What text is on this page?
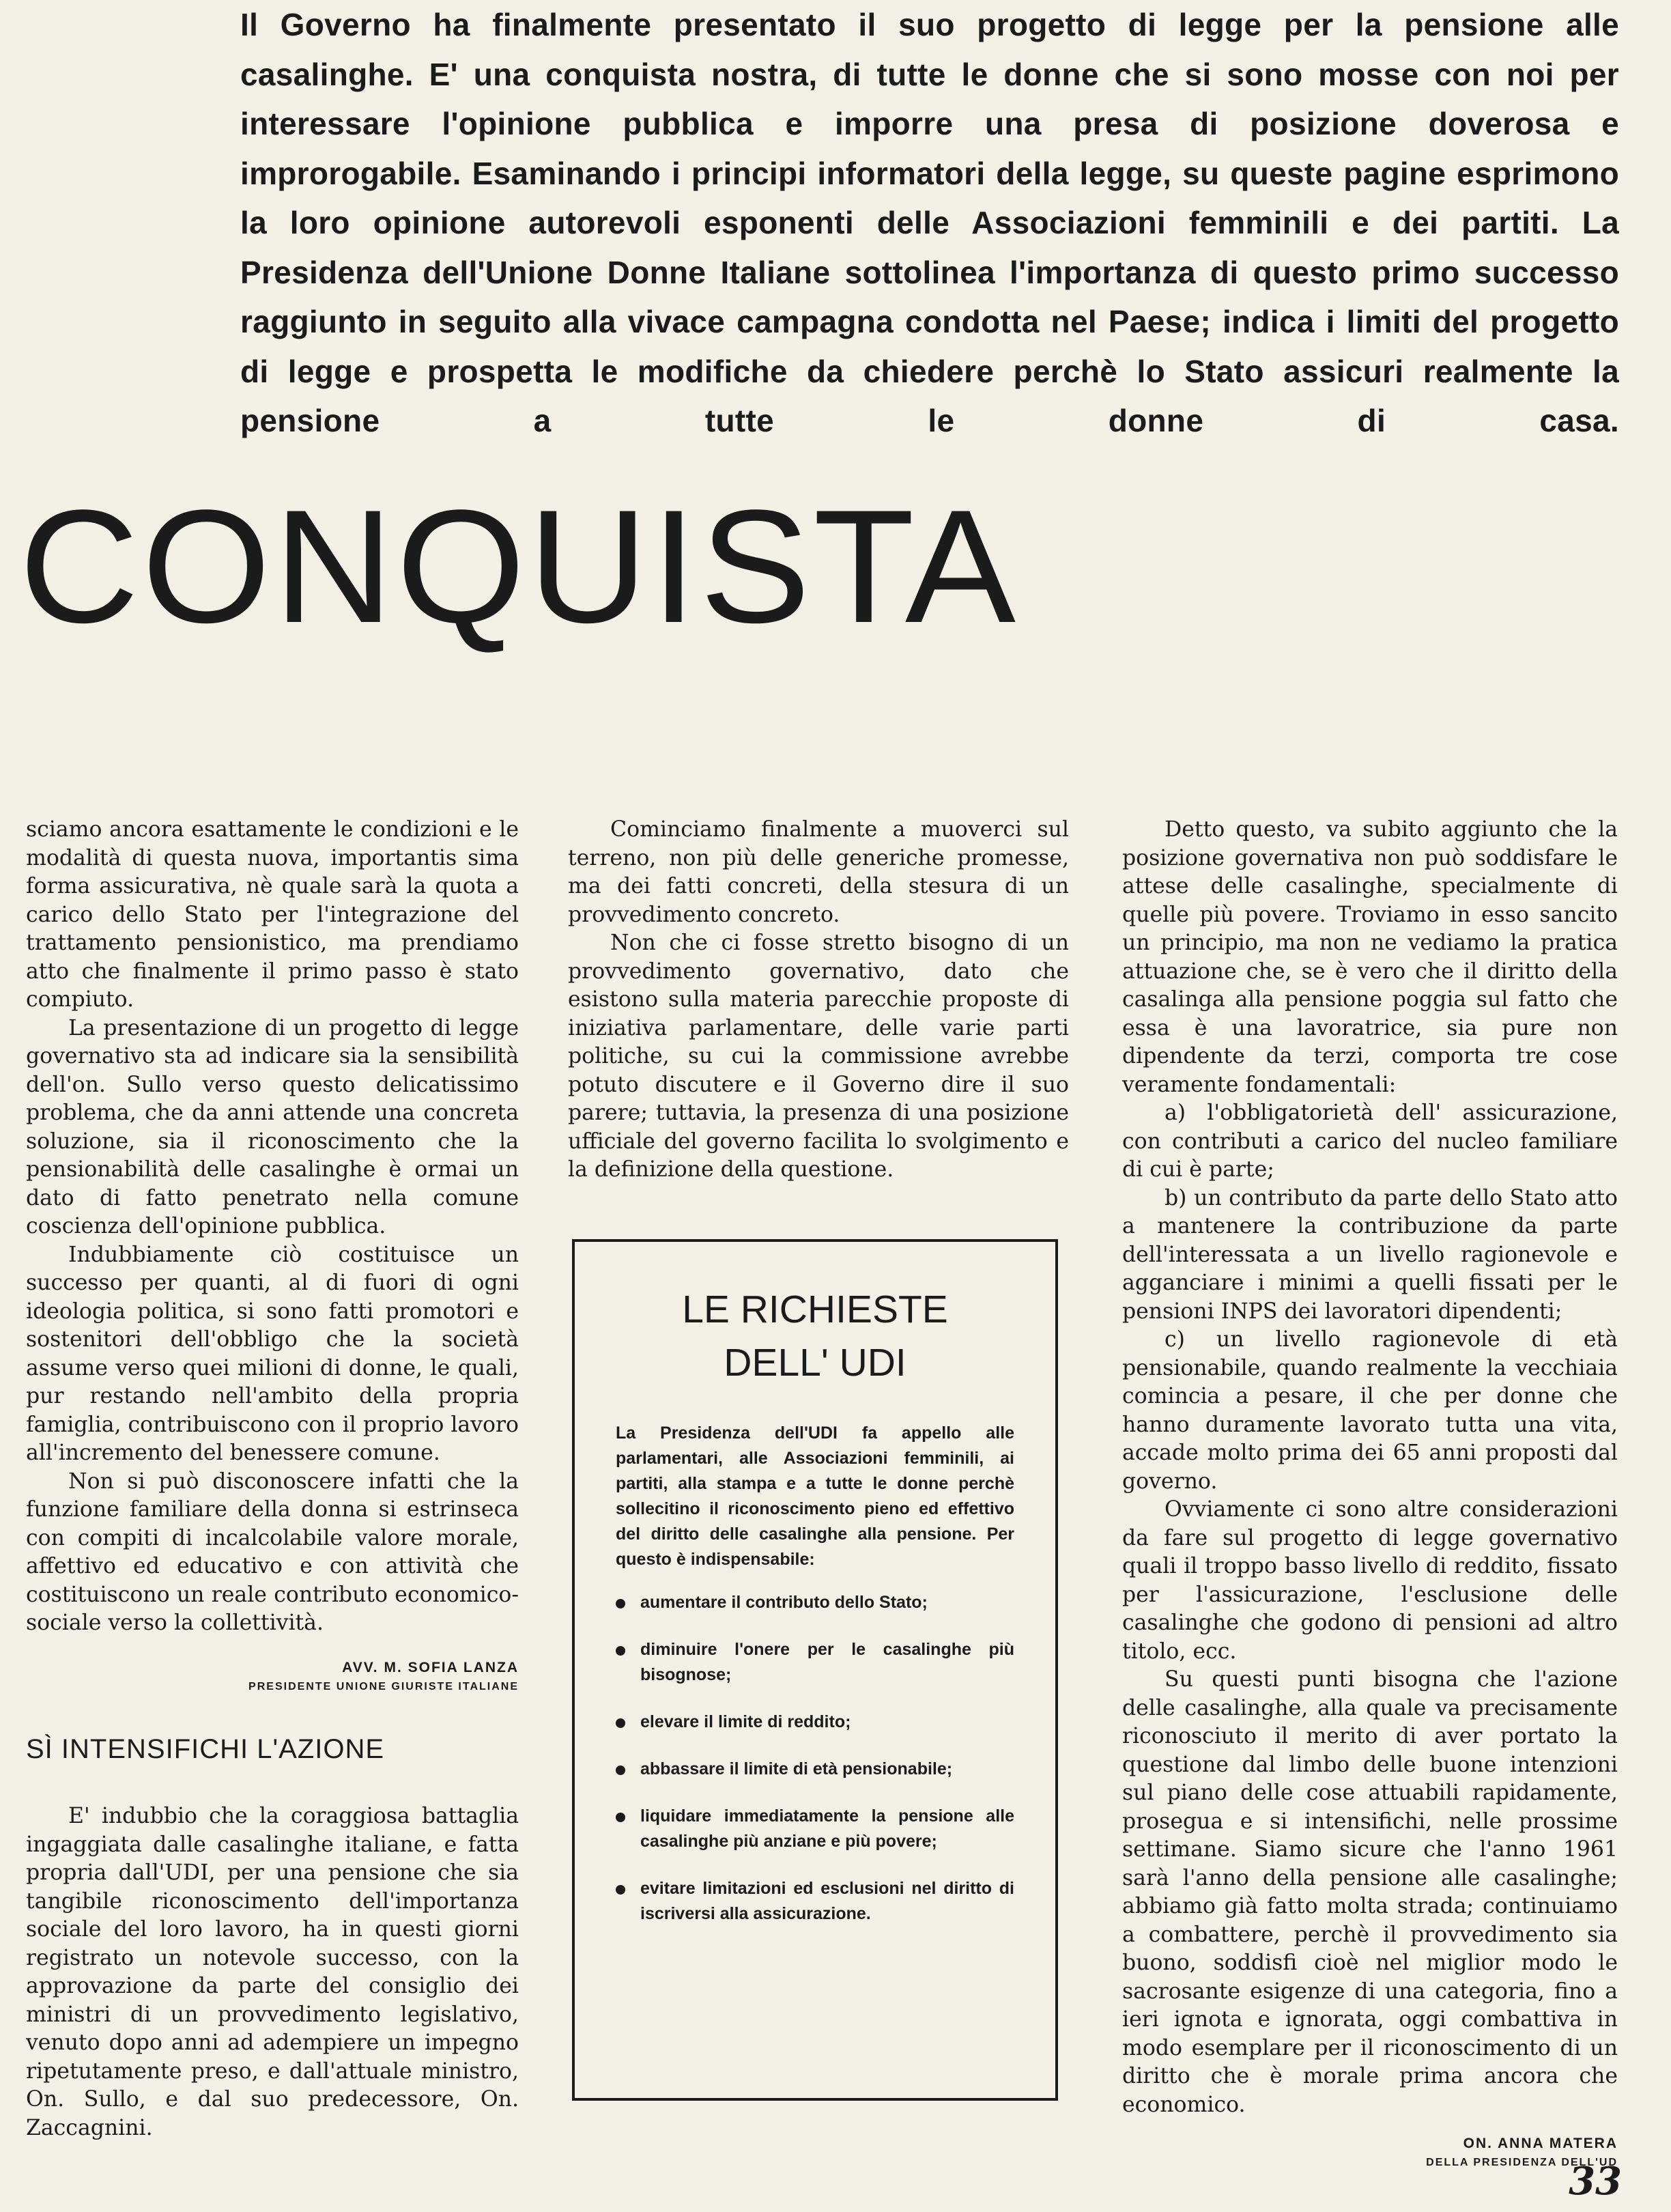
Il Governo ha finalmente presentato il suo progetto di legge per la pensione alle casalinghe. E' una conquista nostra, di tutte le donne che si sono mosse con noi per interessare l'opinione pubblica e imporre una presa di posizione doverosa e improrogabile. Esaminando i principi informatori della legge, su queste pagine esprimono la loro opinione autorevoli esponenti delle Associazioni femminili e dei partiti. La Presidenza dell'Unione Donne Italiane sottolinea l'importanza di questo primo successo raggiunto in seguito alla vivace campagna condotta nel Paese; indica i limiti del progetto di legge e prospetta le modifiche da chiedere perchè lo Stato assicuri realmente la pensione a tutte le donne di casa.

CONQUISTA

sciamo ancora esattamente le condizioni e le modalità di questa nuova, importantis sima forma assicurativa, nè quale sarà la quota a carico dello Stato per l'integrazione del trattamento pensionistico, ma prendiamo atto che finalmente il primo passo è stato compiuto.

La presentazione di un progetto di legge governativo sta ad indicare sia la sensibilità dell'on. Sullo verso questo delicatissimo problema, che da anni attende una concreta soluzione, sia il riconoscimento che la pensionabilità delle casalinghe è ormai un dato di fatto penetrato nella comune coscienza dell'opinione pubblica.

Indubbiamente ciò costituisce un successo per quanti, al di fuori di ogni ideologia politica, si sono fatti promotori e sostenitori dell'obbligo che la società assume verso quei milioni di donne, le quali, pur restando nell'ambito della propria famiglia, contribuiscono con il proprio lavoro all'incremento del benessere comune.

Non si può disconoscere infatti che la funzione familiare della donna si estrinseca con compiti di incalcolabile valore morale, affettivo ed educativo e con attività che costituiscono un reale contributo economico-sociale verso la collettività.

AVV. M. SOFIA LANZA
PRESIDENTE UNIONE GIURISTE ITALIANE
SÌ INTENSIFICHI L'AZIONE

E' indubbio che la coraggiosa battaglia ingaggiata dalle casalinghe italiane, e fatta propria dall'UDI, per una pensione che sia tangibile riconoscimento dell'importanza sociale del loro lavoro, ha in questi giorni registrato un notevole successo, con la approvazione da parte del consiglio dei ministri di un provvedimento legislativo, venuto dopo anni ad adempiere un impegno ripetutamente preso, e dall'attuale ministro, On. Sullo, e dal suo predecessore, On. Zaccagnini.

Cominciamo finalmente a muoverci sul terreno, non più delle generiche promesse, ma dei fatti concreti, della stesura di un provvedimento concreto.

Non che ci fosse stretto bisogno di un provvedimento governativo, dato che esistono sulla materia parecchie proposte di iniziativa parlamentare, delle varie parti politiche, su cui la commissione avrebbe potuto discutere e il Governo dire il suo parere; tuttavia, la presenza di una posizione ufficiale del governo facilita lo svolgimento e la definizione della questione.

LE RICHIESTE
DELL' UDI

La Presidenza dell'UDI fa appello alle parlamentari, alle Associazioni femminili, ai partiti, alla stampa e a tutte le donne perchè sollecitino il riconoscimento pieno ed effettivo del diritto delle casalinghe alla pensione. Per questo è indispensabile:

aumentare il contributo dello Stato;
diminuire l'onere per le casalinghe più bisognose;
elevare il limite di reddito;
abbassare il limite di età pensionabile;
liquidare immediatamente la pensione alle casalinghe più anziane e più povere;
evitare limitazioni ed esclusioni nel diritto di iscriversi alla assicurazione.

Detto questo, va subito aggiunto che la posizione governativa non può soddisfare le attese delle casalinghe, specialmente di quelle più povere. Troviamo in esso sancito un principio, ma non ne vediamo la pratica attuazione che, se è vero che il diritto della casalinga alla pensione poggia sul fatto che essa è una lavoratrice, sia pure non dipendente da terzi, comporta tre cose veramente fondamentali:

a) l'obbligatorietà dell' assicurazione, con contributi a carico del nucleo familiare di cui è parte;

b) un contributo da parte dello Stato atto a mantenere la contribuzione da parte dell'interessata a un livello ragionevole e agganciare i minimi a quelli fissati per le pensioni INPS dei lavoratori dipendenti;

c) un livello ragionevole di età pensionabile, quando realmente la vecchiaia comincia a pesare, il che per donne che hanno duramente lavorato tutta una vita, accade molto prima dei 65 anni proposti dal governo.

Ovviamente ci sono altre considerazioni da fare sul progetto di legge governativo quali il troppo basso livello di reddito, fissato per l'assicurazione, l'esclusione delle casalinghe che godono di pensioni ad altro titolo, ecc.

Su questi punti bisogna che l'azione delle casalinghe, alla quale va precisamente riconosciuto il merito di aver portato la questione dal limbo delle buone intenzioni sul piano delle cose attuabili rapidamente, prosegua e si intensifichi, nelle prossime settimane. Siamo sicure che l'anno 1961 sarà l'anno della pensione alle casalinghe; abbiamo già fatto molta strada; continuiamo a combattere, perchè il provvedimento sia buono, soddisfi cioè nel miglior modo le sacrosante esigenze di una categoria, fino a ieri ignota e ignorata, oggi combattiva in modo esemplare per il riconoscimento di un diritto che è morale prima ancora che economico.

ON. ANNA MATERA
DELLA PRESIDENZA DELL'UD

33
